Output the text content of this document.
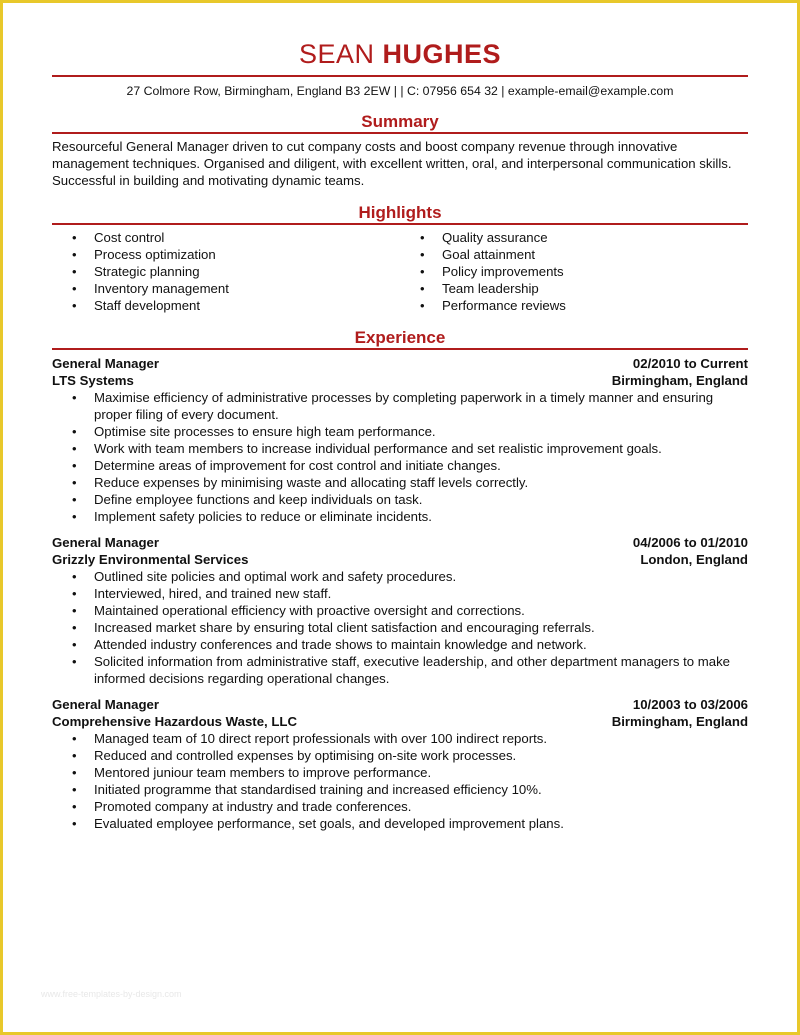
SEAN HUGHES
27 Colmore Row, Birmingham, England B3 2EW | | C: 07956 654 32 | example-email@example.com
Summary
Resourceful General Manager driven to cut company costs and boost company revenue through innovative management techniques. Organised and diligent, with excellent written, oral, and interpersonal communication skills. Successful in building and motivating dynamic teams.
Highlights
• Cost control
• Process optimization
• Strategic planning
• Inventory management
• Staff development
• Quality assurance
• Goal attainment
• Policy improvements
• Team leadership
• Performance reviews
Experience
General Manager	02/2010 to Current
LTS Systems	Birmingham, England
• Maximise efficiency of administrative processes by completing paperwork in a timely manner and ensuring proper filing of every document.
• Optimise site processes to ensure high team performance.
• Work with team members to increase individual performance and set realistic improvement goals.
• Determine areas of improvement for cost control and initiate changes.
• Reduce expenses by minimising waste and allocating staff levels correctly.
• Define employee functions and keep individuals on task.
• Implement safety policies to reduce or eliminate incidents.
General Manager	04/2006 to 01/2010
Grizzly Environmental Services	London, England
• Outlined site policies and optimal work and safety procedures.
• Interviewed, hired, and trained new staff.
• Maintained operational efficiency with proactive oversight and corrections.
• Increased market share by ensuring total client satisfaction and encouraging referrals.
• Attended industry conferences and trade shows to maintain knowledge and network.
• Solicited information from administrative staff, executive leadership, and other department managers to make informed decisions regarding operational changes.
General Manager	10/2003 to 03/2006
Comprehensive Hazardous Waste, LLC	Birmingham, England
• Managed team of 10 direct report professionals with over 100 indirect reports.
• Reduced and controlled expenses by optimising on-site work processes.
• Mentored juniour team members to improve performance.
• Initiated programme that standardised training and increased efficiency 10%.
• Promoted company at industry and trade conferences.
• Evaluated employee performance, set goals, and developed improvement plans.
www.free-templates-by-design.com
